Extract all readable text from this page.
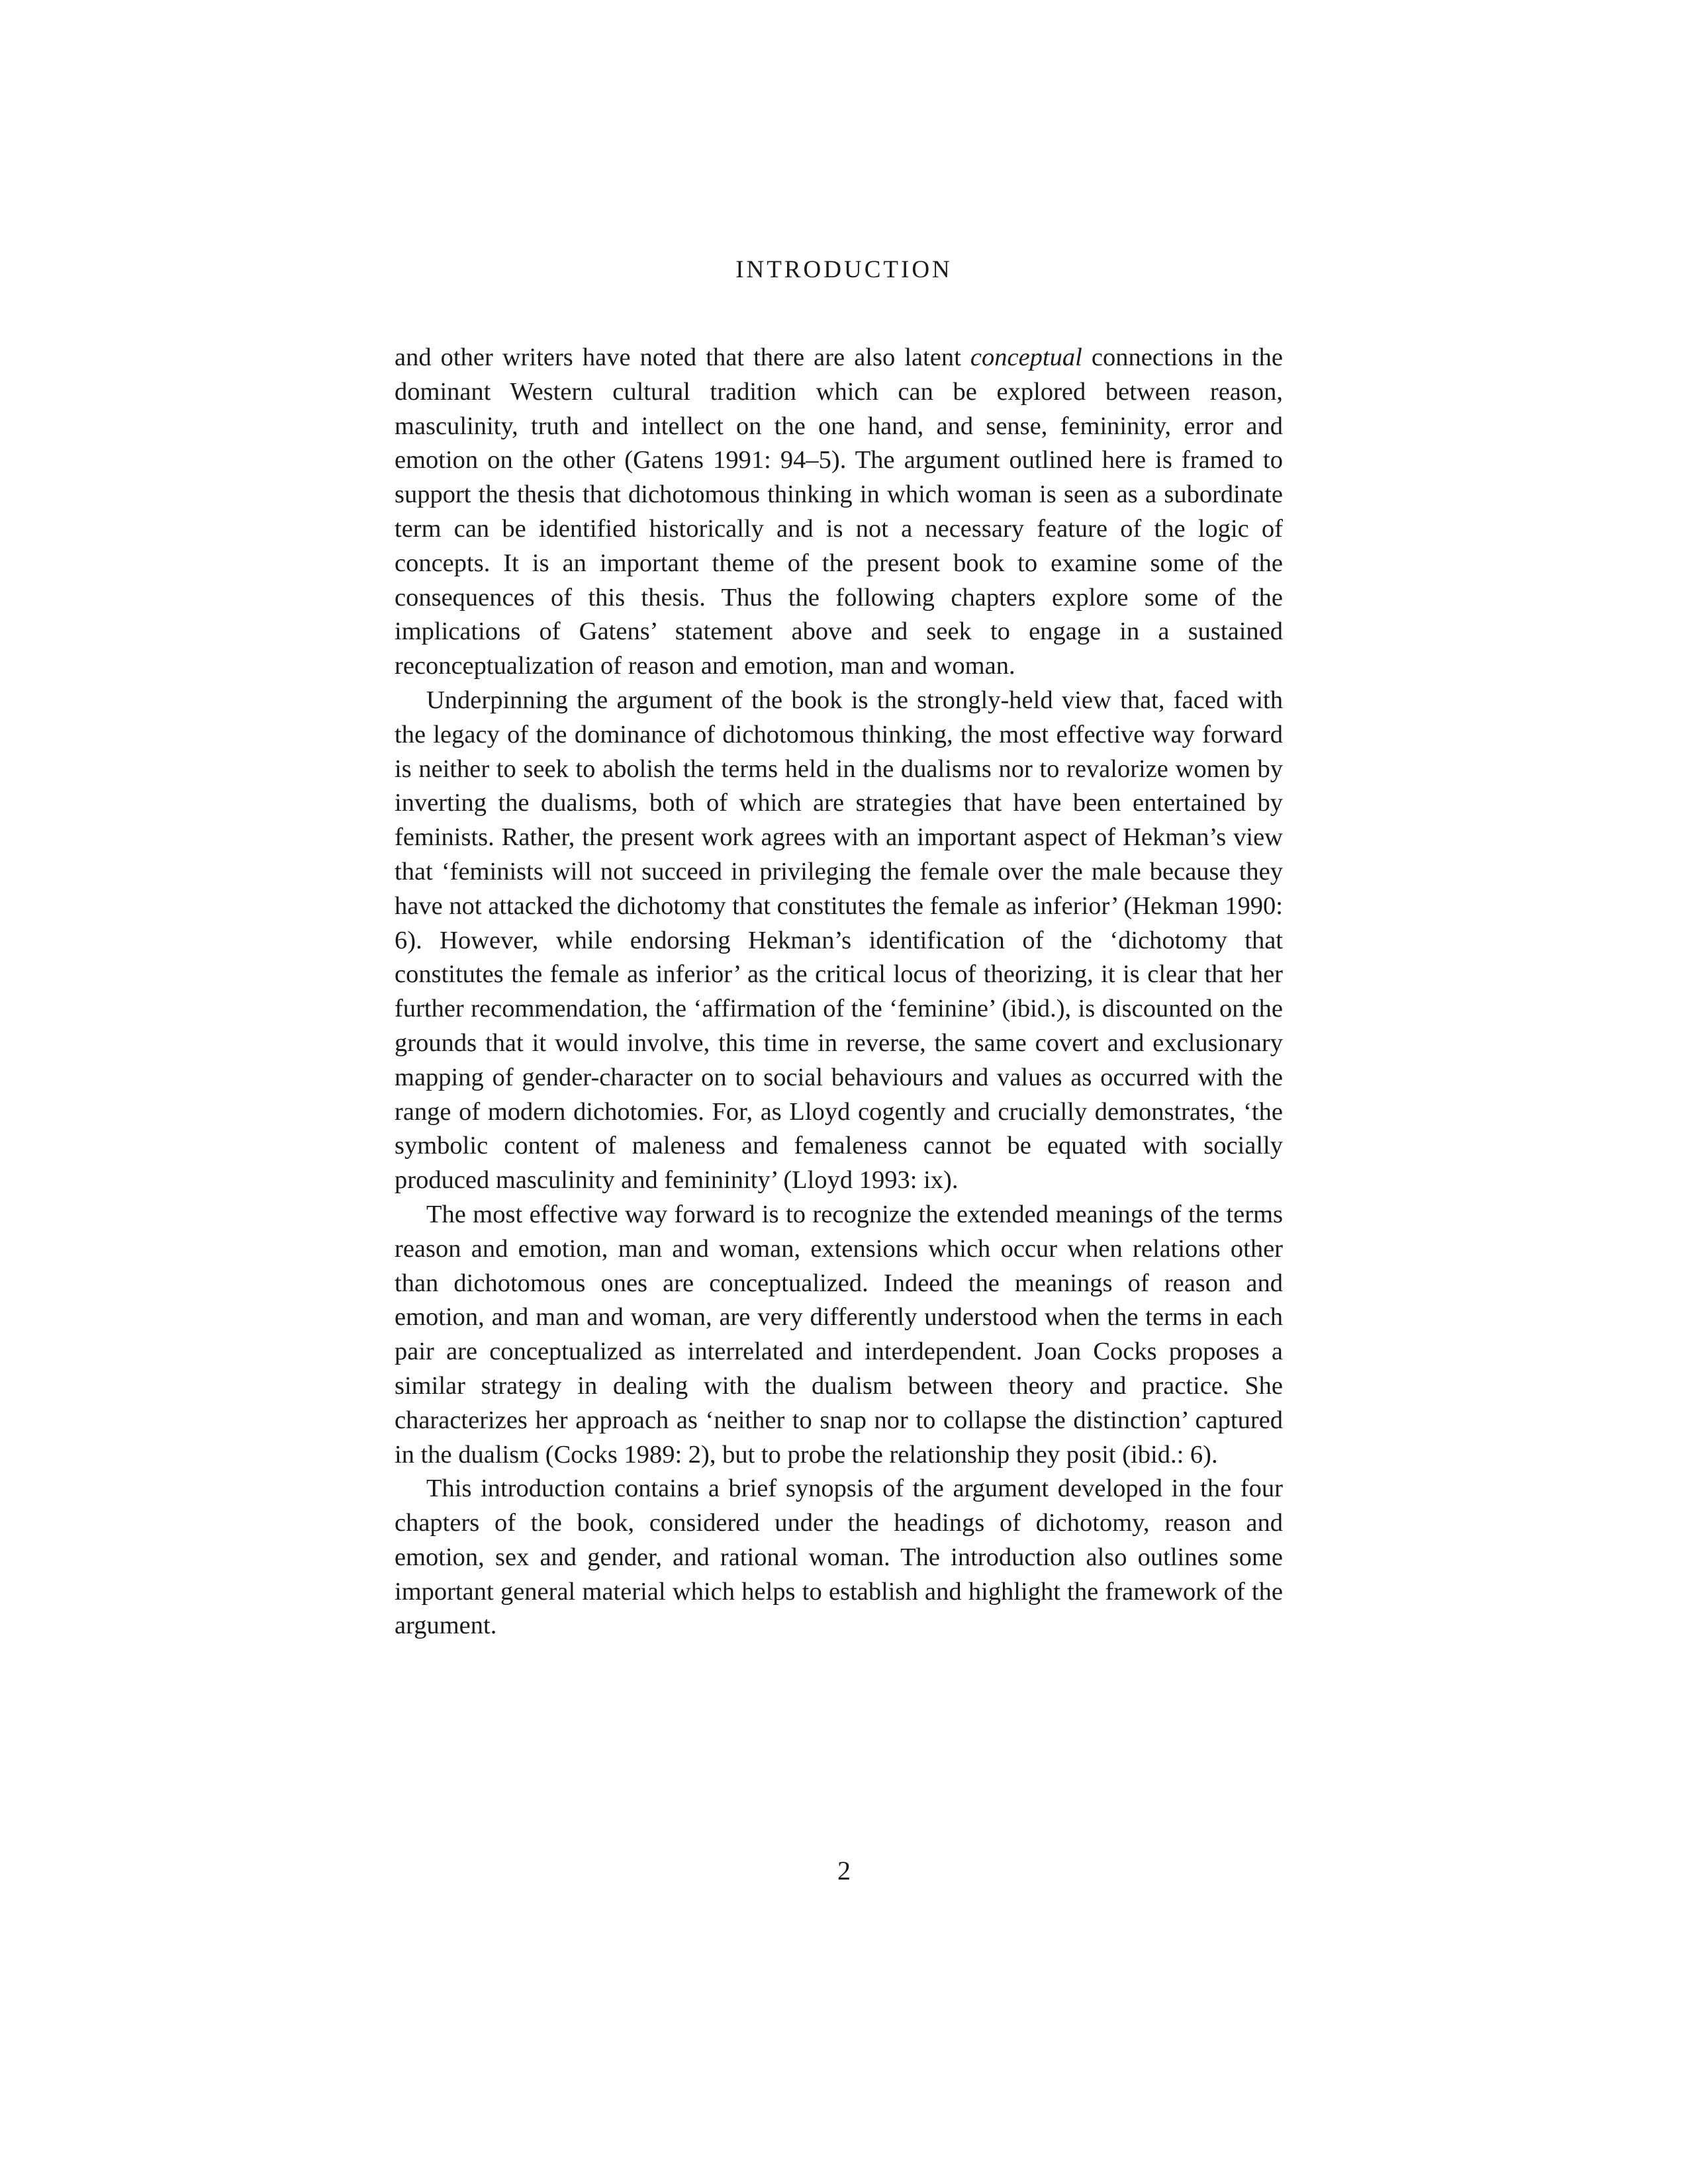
INTRODUCTION

and other writers have noted that there are also latent conceptual connections in the dominant Western cultural tradition which can be explored between reason, masculinity, truth and intellect on the one hand, and sense, femininity, error and emotion on the other (Gatens 1991: 94–5). The argument outlined here is framed to support the thesis that dichotomous thinking in which woman is seen as a subordinate term can be identified historically and is not a necessary feature of the logic of concepts. It is an important theme of the present book to examine some of the consequences of this thesis. Thus the following chapters explore some of the implications of Gatens’ statement above and seek to engage in a sustained reconceptualization of reason and emotion, man and woman.

Underpinning the argument of the book is the strongly-held view that, faced with the legacy of the dominance of dichotomous thinking, the most effective way forward is neither to seek to abolish the terms held in the dualisms nor to revalorize women by inverting the dualisms, both of which are strategies that have been entertained by feminists. Rather, the present work agrees with an important aspect of Hekman’s view that ‘feminists will not succeed in privileging the female over the male because they have not attacked the dichotomy that constitutes the female as inferior’ (Hekman 1990: 6). However, while endorsing Hekman’s identification of the ‘dichotomy that constitutes the female as inferior’ as the critical locus of theorizing, it is clear that her further recommendation, the ‘affirmation of the ‘feminine’ (ibid.), is discounted on the grounds that it would involve, this time in reverse, the same covert and exclusionary mapping of gender-character on to social behaviours and values as occurred with the range of modern dichotomies. For, as Lloyd cogently and crucially demonstrates, ‘the symbolic content of maleness and femaleness cannot be equated with socially produced masculinity and femininity’ (Lloyd 1993: ix).

The most effective way forward is to recognize the extended meanings of the terms reason and emotion, man and woman, extensions which occur when relations other than dichotomous ones are conceptualized. Indeed the meanings of reason and emotion, and man and woman, are very differently understood when the terms in each pair are conceptualized as interrelated and interdependent. Joan Cocks proposes a similar strategy in dealing with the dualism between theory and practice. She characterizes her approach as ‘neither to snap nor to collapse the distinction’ captured in the dualism (Cocks 1989: 2), but to probe the relationship they posit (ibid.: 6).

This introduction contains a brief synopsis of the argument developed in the four chapters of the book, considered under the headings of dichotomy, reason and emotion, sex and gender, and rational woman. The introduction also outlines some important general material which helps to establish and highlight the framework of the argument.

2
